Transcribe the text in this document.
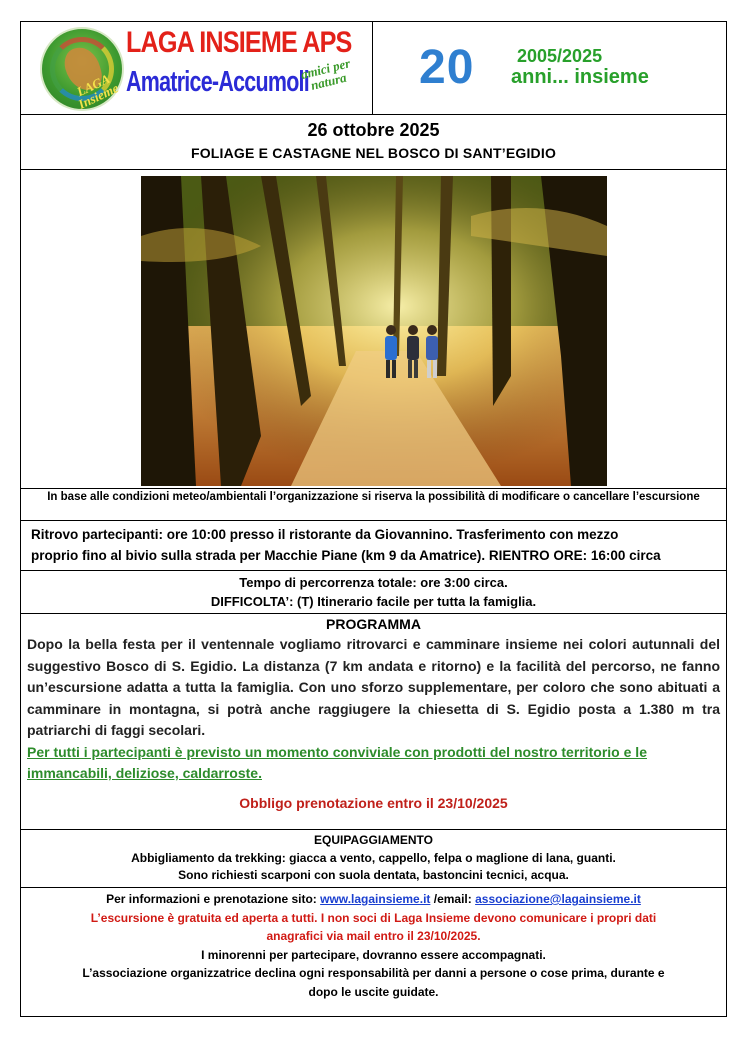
LAGA Insieme
LAGA INSIEME APS
Amatrice-Accumoli
amici per natura	20 2005/2025
anni... insieme
26 ottobre 2025
FOLIAGE E CASTAGNE NEL BOSCO DI SANT’EGIDIO
In base alle condizioni meteo/ambientali l’organizzazione si riserva la possibilità di modificare o cancellare l’escursione
Ritrovo partecipanti: ore 10:00 presso il ristorante da Giovannino. Trasferimento con mezzo
proprio fino al bivio sulla strada per Macchie Piane (km 9 da Amatrice). RIENTRO ORE: 16:00 circa
Tempo di percorrenza totale: ore 3:00 circa.
DIFFICOLTA’: (T) Itinerario facile per tutta la famiglia.
PROGRAMMA
Dopo la bella festa per il ventennale vogliamo ritrovarci e camminare insieme nei colori autunnali del suggestivo Bosco di S. Egidio. La distanza (7 km andata e ritorno) e la facilità del percorso, ne fanno un’escursione adatta a tutta la famiglia. Con uno sforzo supplementare, per coloro che sono abituati a camminare in montagna, si potrà anche raggiugere la chiesetta di S. Egidio posta a 1.380 m tra patriarchi di faggi secolari.
Per tutti i partecipanti è previsto un momento conviviale con prodotti del nostro territorio e le immancabili, deliziose, caldarroste.
Obbligo prenotazione entro il 23/10/2025
EQUIPAGGIAMENTO
Abbigliamento da trekking: giacca a vento, cappello, felpa o maglione di lana, guanti.
Sono richiesti scarponi con suola dentata, bastoncini tecnici, acqua.
Per informazioni e prenotazione sito: www.lagainsieme.it /email: associazione@lagainsieme.it
L’escursione è gratuita ed aperta a tutti. I non soci di Laga Insieme devono comunicare i propri dati anagrafici via mail entro il 23/10/2025.
I minorenni per partecipare, dovranno essere accompagnati.
L’associazione organizzatrice declina ogni responsabilità per danni a persone o cose prima, durante e dopo le uscite guidate.
